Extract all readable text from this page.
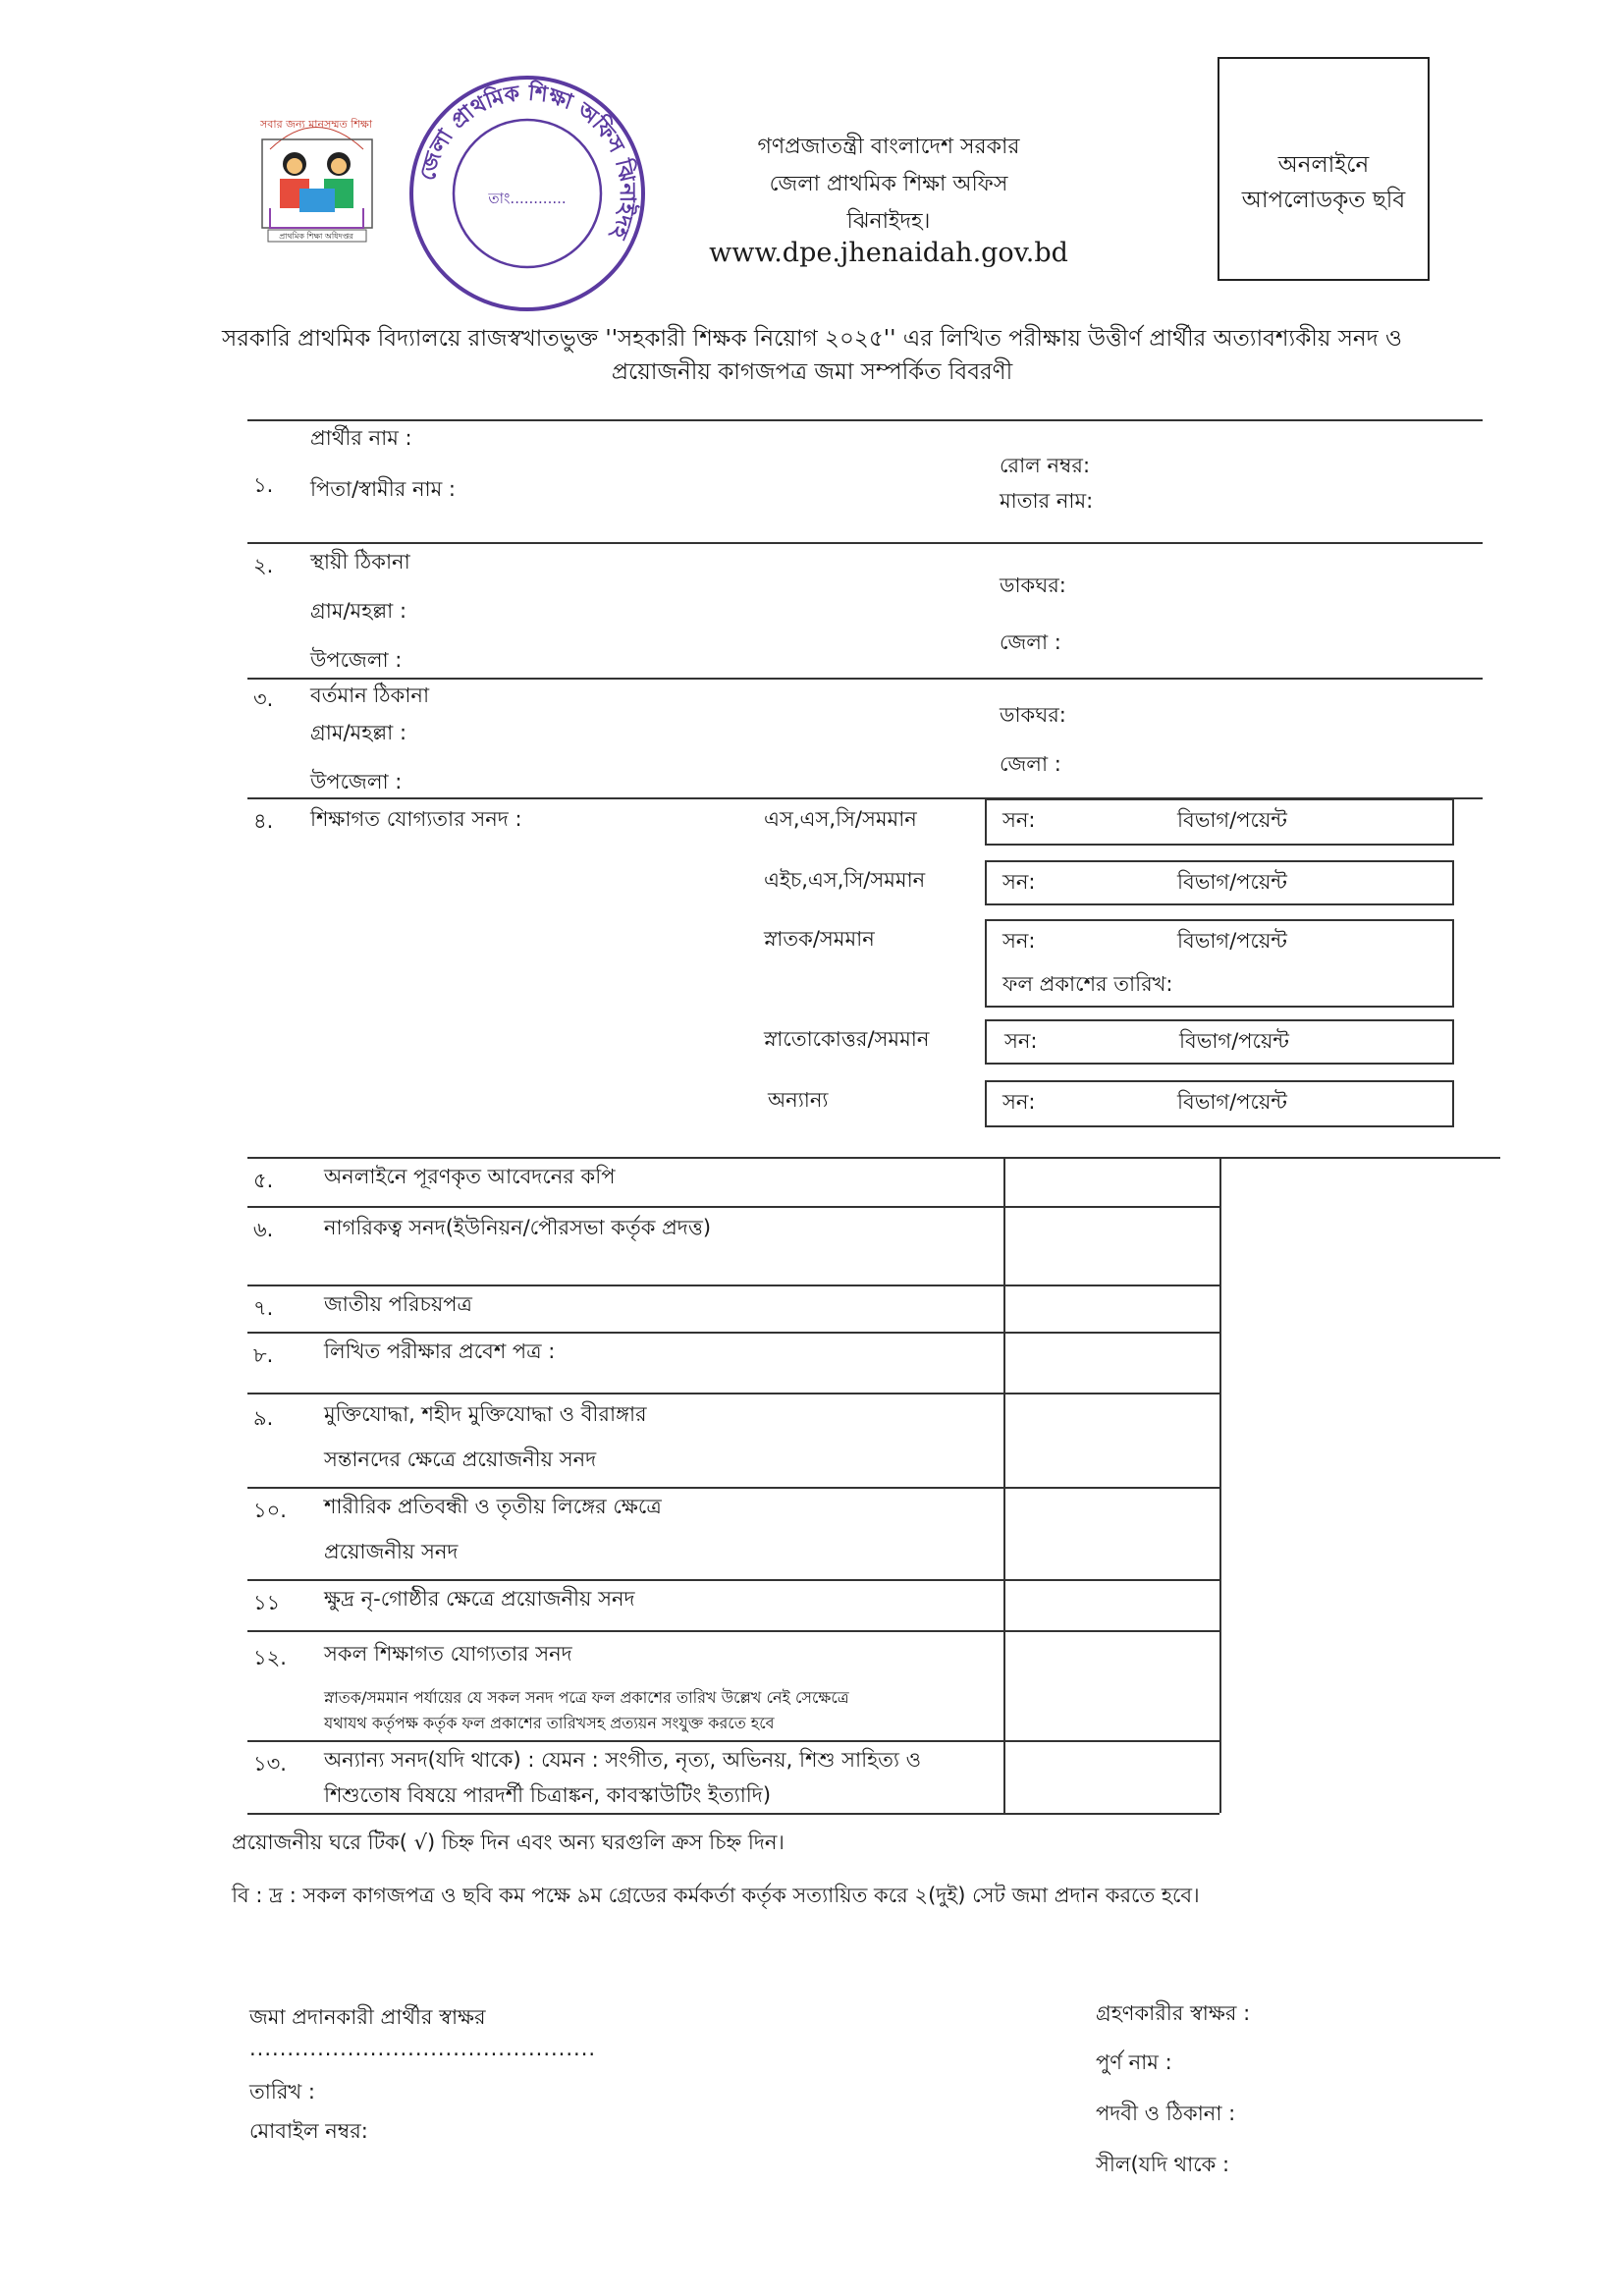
সবার জন্য মানসম্মত শিক্ষা
প্রাথমিক শিক্ষা অধিদপ্তর
জেলা প্রাথমিক শিক্ষা অফিস ঝিনাইদহ
তাং............
গণপ্রজাতন্ত্রী বাংলাদেশ সরকার
জেলা প্রাথমিক শিক্ষা অফিস
ঝিনাইদহ।
www.dpe.jhenaidah.gov.bd
অনলাইনে আপলোডকৃত ছবি
সরকারি প্রাথমিক বিদ্যালয়ে রাজস্বখাতভুক্ত ''সহকারী শিক্ষক নিয়োগ ২০২৫'' এর লিখিত পরীক্ষায় উত্তীর্ণ প্রার্থীর অত্যাবশ্যকীয় সনদ ও
প্রয়োজনীয় কাগজপত্র জমা সম্পর্কিত বিবরণী
প্রার্থীর নাম :
১. পিতা/স্বামীর নাম :
রোল নম্বর:
মাতার নাম:
২. স্থায়ী ঠিকানা
গ্রাম/মহল্লা :
উপজেলা :
ডাকঘর:
জেলা :
৩. বর্তমান ঠিকানা
গ্রাম/মহল্লা :
উপজেলা :
ডাকঘর:
জেলা :
৪. শিক্ষাগত যোগ্যতার সনদ :	এস,এস,সি/সমমান	সন:	বিভাগ/পয়েন্ট
এইচ,এস,সি/সমমান	সন:	বিভাগ/পয়েন্ট
স্নাতক/সমমান	সন:	বিভাগ/পয়েন্ট
ফল প্রকাশের তারিখ:
স্নাতোকোত্তর/সমমান	সন:	বিভাগ/পয়েন্ট
অন্যান্য	সন:	বিভাগ/পয়েন্ট
৫. অনলাইনে পূরণকৃত আবেদনের কপি
৬. নাগরিকত্ব সনদ(ইউনিয়ন/পৌরসভা কর্তৃক প্রদত্ত)
৭. জাতীয় পরিচয়পত্র
৮. লিখিত পরীক্ষার প্রবেশ পত্র :
৯. মুক্তিযোদ্ধা, শহীদ মুক্তিযোদ্ধা ও বীরাঙ্গার
সন্তানদের ক্ষেত্রে প্রয়োজনীয় সনদ
১০. শারীরিক প্রতিবন্ধী ও তৃতীয় লিঙ্গের ক্ষেত্রে
প্রয়োজনীয় সনদ
১১ ক্ষুদ্র নৃ-গোষ্ঠীর ক্ষেত্রে প্রয়োজনীয় সনদ
১২. সকল শিক্ষাগত যোগ্যতার সনদ
স্নাতক/সমমান পর্যায়ের যে সকল সনদ পত্রে ফল প্রকাশের তারিখ উল্লেখ নেই সেক্ষেত্রে
যথাযথ কর্তৃপক্ষ কর্তৃক ফল প্রকাশের তারিখসহ প্রত্যয়ন সংযুক্ত করতে হবে
১৩. অন্যান্য সনদ(যদি থাকে) : যেমন : সংগীত, নৃত্য, অভিনয়, শিশু সাহিত্য ও
শিশুতোষ বিষয়ে পারদর্শী চিত্রাঙ্কন, কাবস্কাউটিং ইত্যাদি)
প্রয়োজনীয় ঘরে টিক( √) চিহ্ন দিন এবং অন্য ঘরগুলি ক্রস চিহ্ন দিন।
বি : দ্র : সকল কাগজপত্র ও ছবি কম পক্ষে ৯ম গ্রেডের কর্মকর্তা কর্তৃক সত্যায়িত করে ২(দুই) সেট জমা প্রদান করতে হবে।
জমা প্রদানকারী প্রার্থীর স্বাক্ষর
..............................................
তারিখ :
মোবাইল নম্বর:
গ্রহণকারীর স্বাক্ষর :
পুর্ণ নাম :
পদবী ও ঠিকানা :
সীল(যদি থাকে :
